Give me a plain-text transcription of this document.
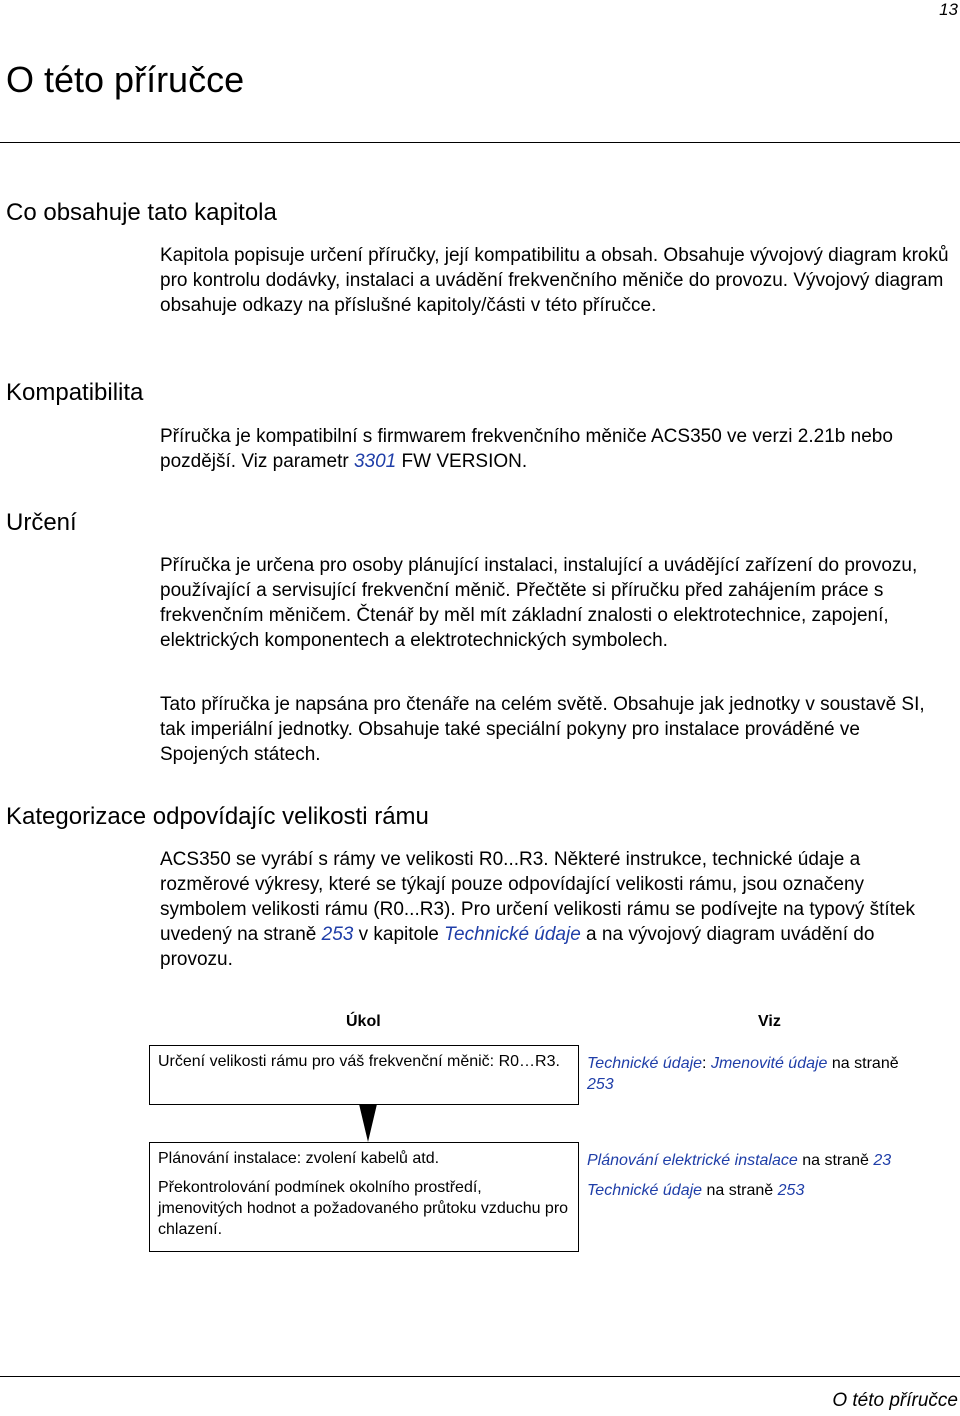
13
O této příručce
Co obsahuje tato kapitola

Kapitola popisuje určení příručky, její kompatibilitu a obsah. Obsahuje vývojový diagram kroků pro kontrolu dodávky, instalaci a uvádění frekvenčního měniče do provozu. Vývojový diagram obsahuje odkazy na příslušné kapitoly/části v této příručce.

Kompatibilita

Příručka je kompatibilní s firmwarem frekvenčního měniče ACS350 ve verzi 2.21b nebo pozdější. Viz parametr 3301 FW VERSION.

Určení

Příručka je určena pro osoby plánující instalaci, instalující a uvádějící zařízení do provozu, používající a servisující frekvenční měnič. Přečtěte si příručku před zahájením práce s frekvenčním měničem. Čtenář by měl mít základní znalosti o elektrotechnice, zapojení, elektrických komponentech a elektrotechnických symbolech.

Tato příručka je napsána pro čtenáře na celém světě. Obsahuje jak jednotky v soustavě SI, tak imperiální jednotky. Obsahuje také speciální pokyny pro instalace prováděné ve Spojených státech.

Kategorizace odpovídajíc velikosti rámu

ACS350 se vyrábí s rámy ve velikosti R0...R3. Některé instrukce, technické údaje a rozměrové výkresy, které se týkají pouze odpovídající velikosti rámu, jsou označeny symbolem velikosti rámu (R0...R3). Pro určení velikosti rámu se podívejte na typový štítek uvedený na straně 253 v kapitole Technické údaje a na vývojový diagram uvádění do provozu.

Úkol	Viz
Určení velikosti rámu pro váš frekvenční měnič: R0…R3.	Technické údaje: Jmenovité údaje na straně
253

Plánování instalace: zvolení kabelů atd.

Překontrolování podmínek okolního prostředí, jmenovitých hodnot a požadovaného průtoku vzduchu pro chlazení.

Plánování elektrické instalace na straně 23
Technické údaje na straně 253
O této příručce
